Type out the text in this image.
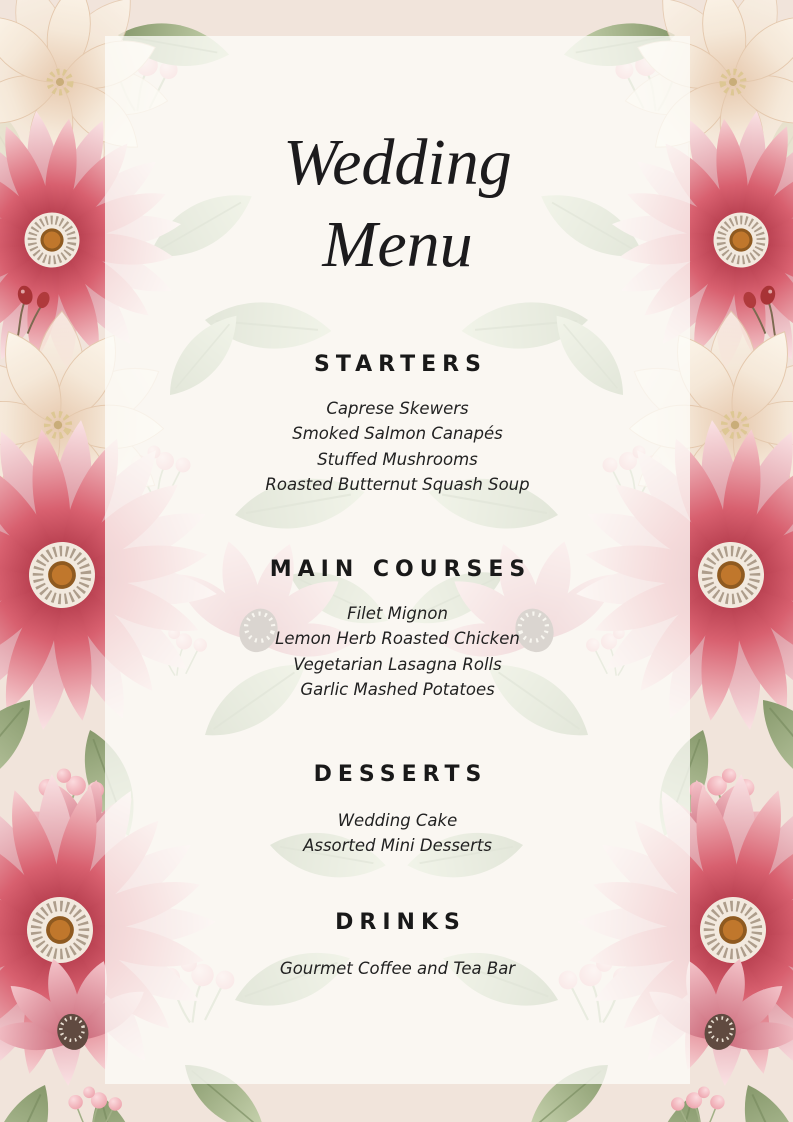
Wedding
Menu
STARTERS

Caprese Skewers

Smoked Salmon Canapés

Stuffed Mushrooms

Roasted Butternut Squash Soup

MAIN COURSES

Filet Mignon

Lemon Herb Roasted Chicken

Vegetarian Lasagna Rolls

Garlic Mashed Potatoes

DESSERTS

Wedding Cake

Assorted Mini Desserts

DRINKS

Gourmet Coffee and Tea Bar
